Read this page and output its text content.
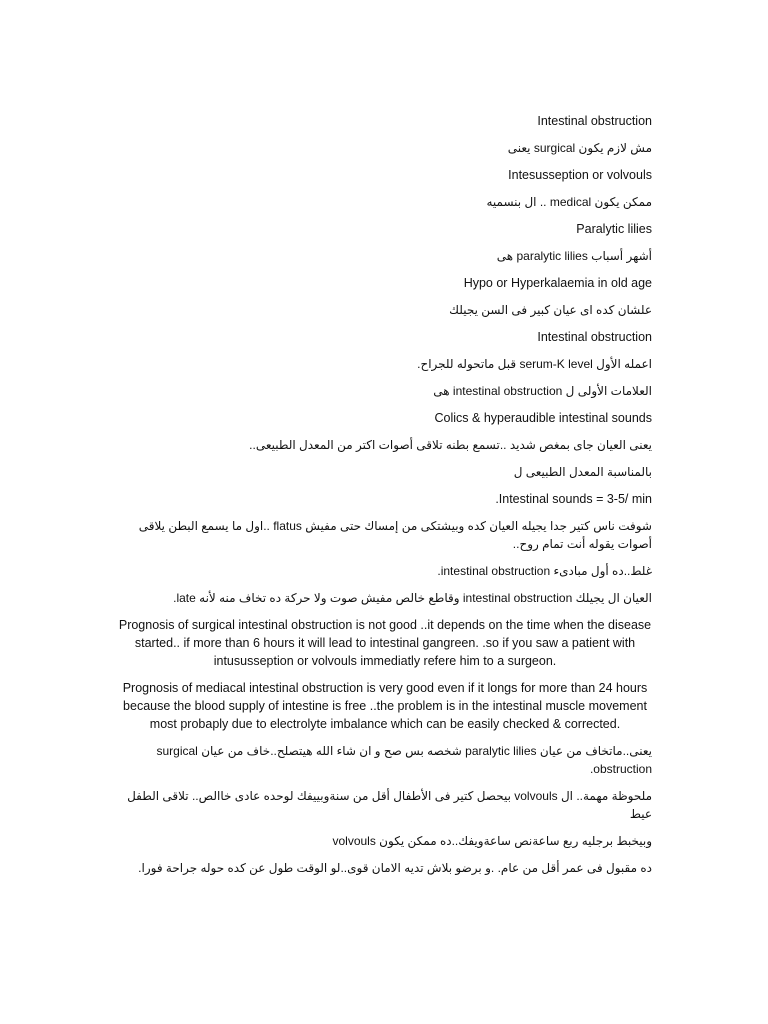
Intestinal obstruction

مش لازم يكون surgical يعنى

Intesusseption or volvouls

ممكن يكون medical .. ال بنسميه

Paralytic lilies

أشهر أسباب paralytic lilies هى

Hypo or Hyperkalaemia in old age

علشان كده اى عيان كبير فى السن يجيلك

Intestinal obstruction

اعمله الأول serum-K level قبل ماتحوله للجراح.

العلامات الأولى ل intestinal obstruction هى

Colics & hyperaudible intestinal sounds

يعنى العيان جاى بمغص شديد ..تسمع بطنه تلاقى أصوات اكتر من المعدل الطبيعى..

بالمناسبة المعدل الطبيعى ل

.Intestinal sounds = 3-5/ min

شوفت ناس كتير جدا يجيله العيان كده وبيشتكى من إمساك حتى مفيش flatus ..اول ما يسمع البطن يلاقى أصوات يقوله أنت تمام روح..

غلط..ده أول مبادىء intestinal obstruction.

العيان ال يجيلك intestinal obstruction وقاطع خالص مفيش صوت ولا حركة ده تخاف منه لأنه late.

Prognosis of surgical intestinal obstruction is not good ..it depends on the time when the disease started.. if more than 6 hours it will lead to intestinal gangreen. .so if you saw a patient with intususseption or volvouls immediatly refere him to a surgeon.

Prognosis of mediacal intestinal obstruction is very good even if it longs for more than 24 hours because the blood supply of intestine is free ..the problem is in the intestinal muscle movement most probaply due to electrolyte imbalance which can be easily checked & corrected.

يعنى..ماتخاف من عيان paralytic lilies شخصه بس صح و ان شاء الله هيتصلح..خاف من عيان surgical obstruction.

ملحوظة مهمة.. ال volvouls بيحصل كتير فى الأطفال أقل من سنةوبييفك لوحده عادى خاالص.. تلاقى الطفل عيط

وبيخبط برجليه ربع ساعةنص ساعةويفك..ده ممكن يكون volvouls

ده مقبول فى عمر أقل من عام. .و برضو بلاش تديه الامان قوى..لو الوقت طول عن كده حوله جراحة فورا.
